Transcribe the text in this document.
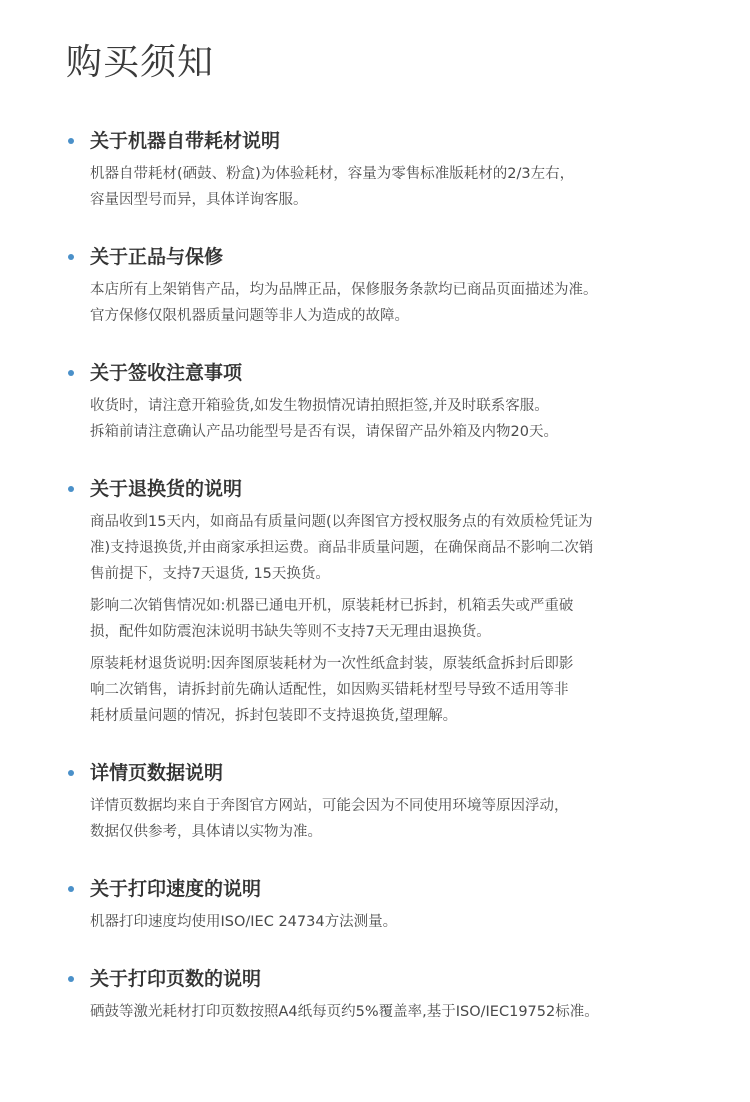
购买须知
关于机器自带耗材说明
机器自带耗材(硒鼓、粉盒)为体验耗材，容量为零售标准版耗材的2/3左右，
容量因型号而异，具体详询客服。
关于正品与保修
本店所有上架销售产品，均为品牌正品，保修服务条款均已商品页面描述为准。
官方保修仅限机器质量问题等非人为造成的故障。
关于签收注意事项
收货时，请注意开箱验货,如发生物损情况请拍照拒签,并及时联系客服。
拆箱前请注意确认产品功能型号是否有误，请保留产品外箱及内物20天。
关于退换货的说明
商品收到15天内，如商品有质量问题(以奔图官方授权服务点的有效质检凭证为
准)支持退换货,并由商家承担运费。商品非质量问题，在确保商品不影响二次销
售前提下，支持7天退货, 15天换货。
影响二次销售情况如:机器已通电开机，原装耗材已拆封，机箱丢失或严重破
损，配件如防震泡沫说明书缺失等则不支持7天无理由退换货。
原装耗材退货说明:因奔图原装耗材为一次性纸盒封装，原装纸盒拆封后即影
响二次销售，请拆封前先确认适配性，如因购买错耗材型号导致不适用等非
耗材质量问题的情况，拆封包装即不支持退换货,望理解。
详情页数据说明
详情页数据均来自于奔图官方网站，可能会因为不同使用环境等原因浮动，
数据仅供参考，具体请以实物为准。
关于打印速度的说明
机器打印速度均使用ISO/IEC 24734方法测量。
关于打印页数的说明
硒鼓等激光耗材打印页数按照A4纸每页约5%覆盖率,基于ISO/IEC19752标准。
